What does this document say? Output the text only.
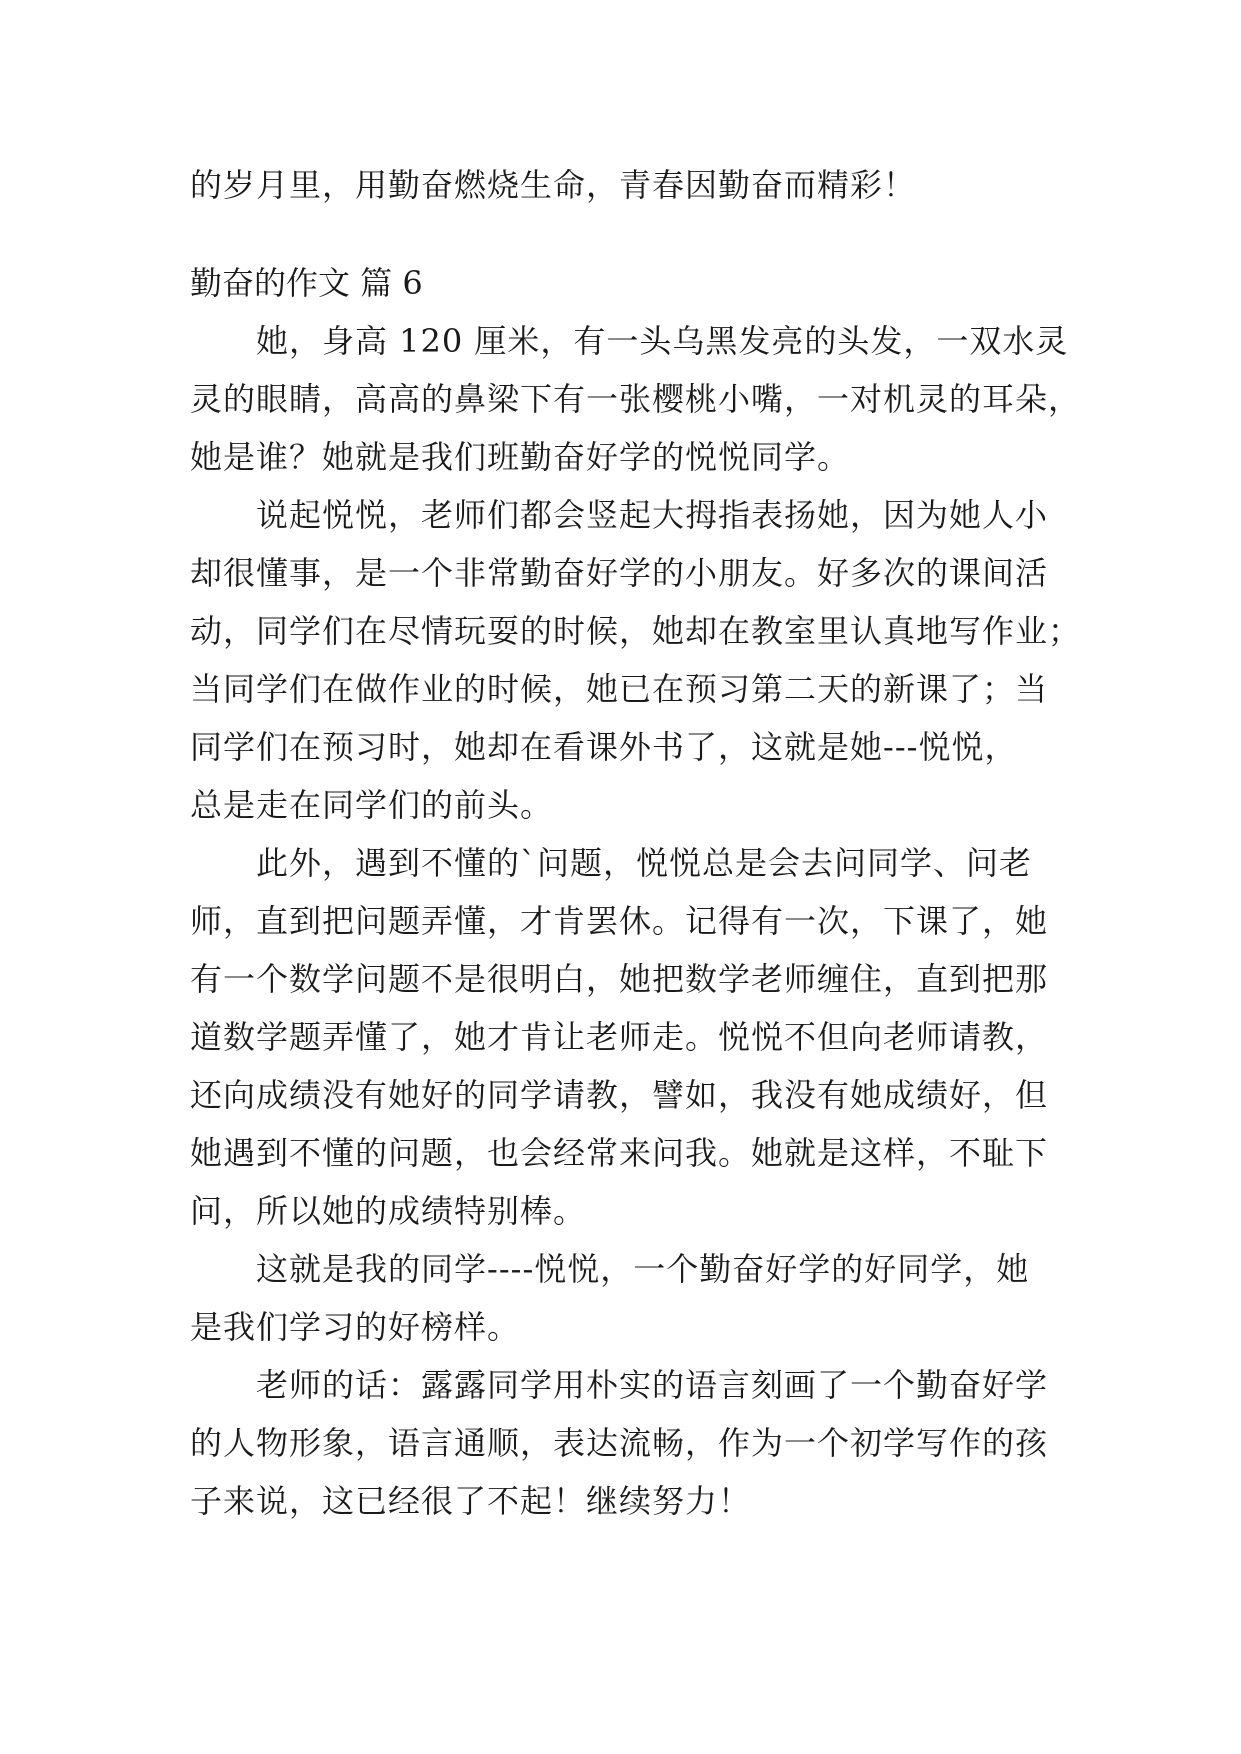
的岁月里，用勤奋燃烧生命，青春因勤奋而精彩！
勤奋的作文 篇 6
她，身高 120 厘米，有一头乌黑发亮的头发，一双水灵
灵的眼睛，高高的鼻梁下有一张樱桃小嘴，一对机灵的耳朵，
她是谁？她就是我们班勤奋好学的悦悦同学。
说起悦悦，老师们都会竖起大拇指表扬她，因为她人小
却很懂事，是一个非常勤奋好学的小朋友。好多次的课间活
动，同学们在尽情玩耍的时候，她却在教室里认真地写作业；
当同学们在做作业的时候，她已在预习第二天的新课了；当
同学们在预习时，她却在看课外书了，这就是她---悦悦，
总是走在同学们的前头。
此外，遇到不懂的`问题，悦悦总是会去问同学、问老
师，直到把问题弄懂，才肯罢休。记得有一次，下课了，她
有一个数学问题不是很明白，她把数学老师缠住，直到把那
道数学题弄懂了，她才肯让老师走。悦悦不但向老师请教，
还向成绩没有她好的同学请教，譬如，我没有她成绩好，但
她遇到不懂的问题，也会经常来问我。她就是这样，不耻下
问，所以她的成绩特别棒。
这就是我的同学----悦悦，一个勤奋好学的好同学，她
是我们学习的好榜样。
老师的话：露露同学用朴实的语言刻画了一个勤奋好学
的人物形象，语言通顺，表达流畅，作为一个初学写作的孩
子来说，这已经很了不起！继续努力！
